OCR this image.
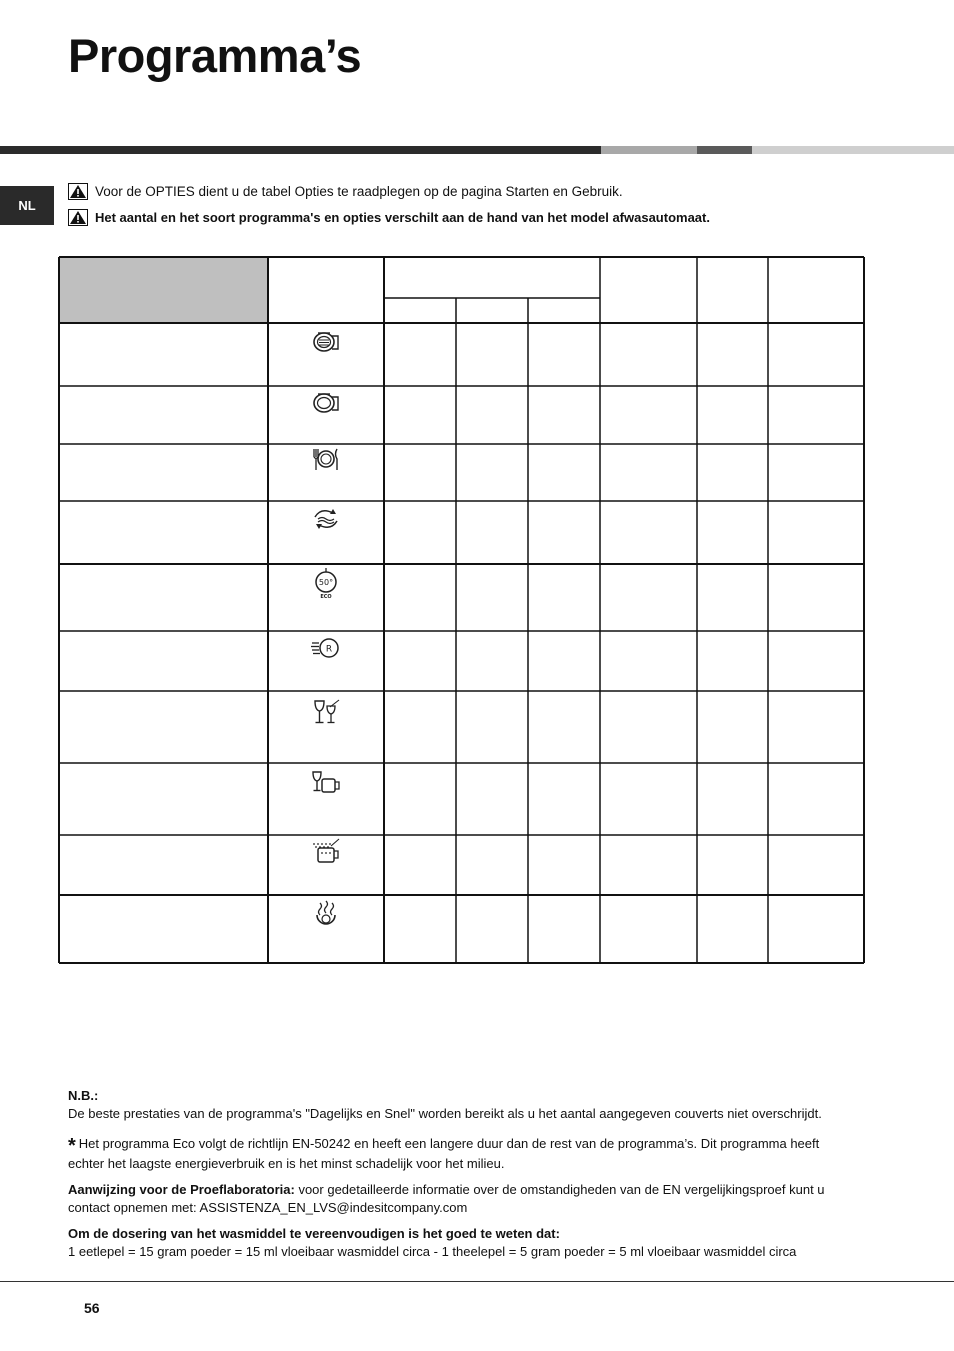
Programma’s
NL
Voor de OPTIES dient u de tabel Opties te raadplegen op de pagina Starten en Gebruik.
Het aantal en het soort programma's en opties verschilt aan de hand van het model afwasautomaat.

N.B.:

De beste prestaties van de programma's "Dagelijks en Snel" worden bereikt als u het aantal aangegeven couverts niet overschrijdt.

* Het programma Eco volgt de richtlijn EN-50242 en heeft een langere duur dan de rest van de programma’s. Dit programma heeft

echter het laagste energieverbruik en is het minst schadelijk voor het milieu.

Aanwijzing voor de Proeflaboratoria: voor gedetailleerde informatie over de omstandigheden van de EN vergelijkingsproef kunt u contact opnemen met: ASSISTENZA_EN_LVS@indesitcompany.com

Om de dosering van het wasmiddel te vereenvoudigen is het goed te weten dat:

1 eetlepel = 15 gram poeder = 15 ml vloeibaar wasmiddel circa - 1 theelepel = 5 gram poeder = 5 ml vloeibaar wasmiddel circa

56
